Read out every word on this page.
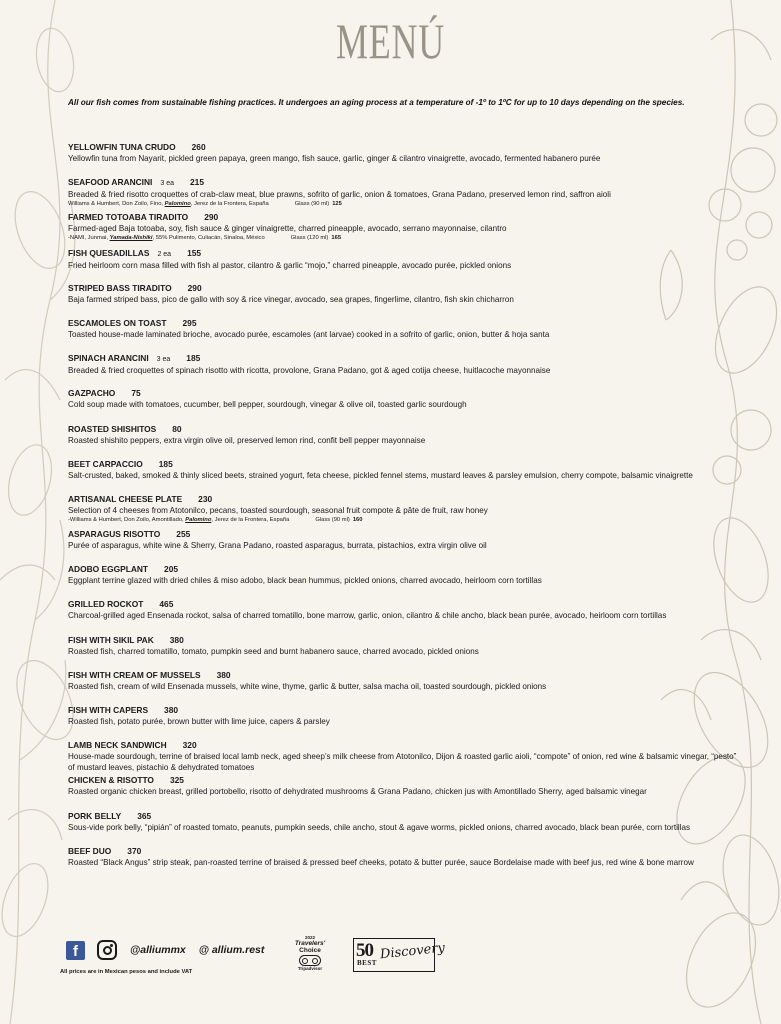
MENÚ
All our fish comes from sustainable fishing practices. It undergoes an aging process at a temperature of -1º to 1ºC for up to 10 days depending on the species.
YELLOWFIN TUNA CRUDO 260
Yellowfin tuna from Nayarit, pickled green papaya, green mango, fish sauce, garlic, ginger & cilantro vinaigrette, avocado, fermented habanero purée
SEAFOOD ARANCINI 3 ea 215
Breaded & fried risotto croquettes of crab-claw meat, blue prawns, sofrito of garlic, onion & tomatoes, Grana Padano, preserved lemon rind, saffron aioli
Williams & Humbert, Don Zoilo, Fino, Palomino, Jerez de la Frontera, España	Glass (90 ml) 125
FARMED TOTOABA TIRADITO 290
Farmed-aged Baja totoaba, soy, fish sauce & ginger vinaigrette, charred pineapple, avocado, serrano mayonnaise, cilantro
-NAMI, Junmai, Yamada-Nishiki, 55% Pulimento, Culiacán, Sinaloa, México	Glass (120 ml) 165
FISH QUESADILLAS 2 ea 155
Fried heirloom corn masa filled with fish al pastor, cilantro & garlic “mojo,” charred pineapple, avocado purée, pickled onions
STRIPED BASS TIRADITO 290
Baja farmed striped bass, pico de gallo with soy & rice vinegar, avocado, sea grapes, fingerlime, cilantro, fish skin chicharron
ESCAMOLES ON TOAST 295
Toasted house-made laminated brioche, avocado purée, escamoles (ant larvae) cooked in a sofrito of garlic, onion, butter & hoja santa
SPINACH ARANCINI 3 ea 185
Breaded & fried croquettes of spinach risotto with ricotta, provolone, Grana Padano, got & aged cotija cheese, huitlacoche mayonnaise
GAZPACHO 75
Cold soup made with tomatoes, cucumber, bell pepper, sourdough, vinegar & olive oil, toasted garlic sourdough
ROASTED SHISHITOS 80
Roasted shishito peppers, extra virgin olive oil, preserved lemon rind, confit bell pepper mayonnaise
BEET CARPACCIO 185
Salt-crusted, baked, smoked & thinly sliced beets, strained yogurt, feta cheese, pickled fennel stems, mustard leaves & parsley emulsion, cherry compote, balsamic vinaigrette
ARTISANAL CHEESE PLATE 230
Selection of 4 cheeses from Atotonilco, pecans, toasted sourdough, seasonal fruit compote & pâte de fruit, raw honey
-Williams & Humbert, Don Zoilo, Amontillado, Palomino, Jerez de la Frontera, España	Glass (90 ml) 160
ASPARAGUS RISOTTO 255
Purée of asparagus, white wine & Sherry, Grana Padano, roasted asparagus, burrata, pistachios, extra virgin olive oil
ADOBO EGGPLANT 205
Eggplant terrine glazed with dried chiles & miso adobo, black bean hummus, pickled onions, charred avocado, heirloom corn tortillas
GRILLED ROCKOT 465
Charcoal-grilled aged Ensenada rockot, salsa of charred tomatillo, bone marrow, garlic, onion, cilantro & chile ancho, black bean purée, avocado, heirloom corn tortillas
FISH WITH SIKIL PAK 380
Roasted fish, charred tomatillo, tomato, pumpkin seed and burnt habanero sauce, charred avocado, pickled onions
FISH WITH CREAM OF MUSSELS 380
Roasted fish, cream of wild Ensenada mussels, white wine, thyme, garlic & butter, salsa macha oil, toasted sourdough, pickled onions
FISH WITH CAPERS 380
Roasted fish, potato purée, brown butter with lime juice, capers & parsley
LAMB NECK SANDWICH 320
House-made sourdough, terrine of braised local lamb neck, aged sheep’s milk cheese from Atotonilco, Dijon & roasted garlic aioli, “compote” of onion, red wine & balsamic vinegar, “pesto” of mustard leaves, pistachio & dehydrated tomatoes
CHICKEN & RISOTTO 325
Roasted organic chicken breast, grilled portobello, risotto of dehydrated mushrooms & Grana Padano, chicken jus with Amontillado Sherry, aged balsamic vinegar
PORK BELLY 365
Sous-vide pork belly, “pipián” of roasted tomato, peanuts, pumpkin seeds, chile ancho, stout & agave worms, pickled onions, charred avocado, black bean purée, corn tortillas
BEEF DUO 370
Roasted “Black Angus” strip steak, pan-roasted terrine of braised & pressed beef cheeks, potato & butter purée, sauce Bordelaise made with beef jus, red wine & bone marrow
f	@alliummx @ allium.rest
All prices are in Mexican pesos and include VAT
2022
Travelers'
Choice
Tripadvisor
50
BEST
Discovery
